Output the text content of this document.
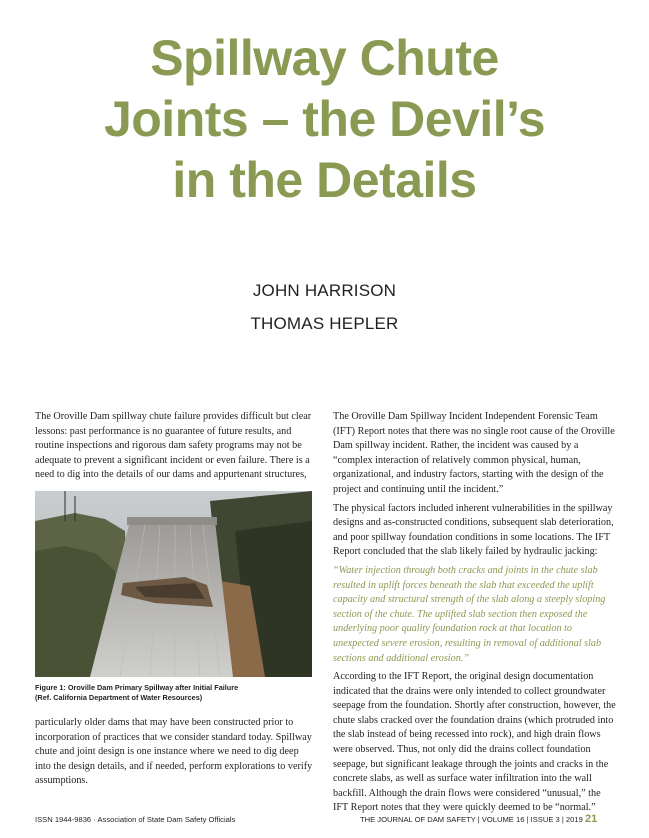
Spillway Chute
Joints – the Devil’s
in the Details
JOHN HARRISON
THOMAS HEPLER

The Oroville Dam spillway chute failure provides difficult but clear lessons: past performance is no guarantee of future results, and routine inspections and rigorous dam safety programs may not be adequate to prevent a significant incident or even failure. There is a need to dig into the details of our dams and appurtenant structures,

Figure 1: Oroville Dam Primary Spillway after Initial Failure
(Ref. California Department of Water Resources)

particularly older dams that may have been constructed prior to incorporation of practices that we consider standard today. Spillway chute and joint design is one instance where we need to dig deep into the design details, and if needed, perform explorations to verify assumptions.

The Oroville Dam Spillway Incident Independent Forensic Team (IFT) Report notes that there was no single root cause of the Oroville Dam spillway incident. Rather, the incident was caused by a “complex interaction of relatively common physical, human, organizational, and industry factors, starting with the design of the project and continuing until the incident.”

The physical factors included inherent vulnerabilities in the spillway designs and as-constructed conditions, subsequent slab deterioration, and poor spillway foundation conditions in some locations. The IFT Report concluded that the slab likely failed by hydraulic jacking:

“Water injection through both cracks and joints in the chute slab resulted in uplift forces beneath the slab that exceeded the uplift capacity and structural strength of the slab along a steeply sloping section of the chute. The uplifted slab section then exposed the underlying poor quality foundation rock at that location to unexpected severe erosion, resulting in removal of additional slab sections and additional erosion.”

According to the IFT Report, the original design documentation indicated that the drains were only intended to collect groundwater seepage from the foundation. Shortly after construction, however, the chute slabs cracked over the foundation drains (which protruded into the slab instead of being recessed into rock), and high drain flows were observed. Thus, not only did the drains collect foundation seepage, but significant leakage through the joints and cracks in the concrete slabs, as well as surface water infiltration into the wall backfill. Although the drain flows were considered “unusual,” the IFT Report notes that they were quickly deemed to be “normal.”

ISSN 1944-9836 · Association of State Dam Safety Officials	THE JOURNAL OF DAM SAFETY | VOLUME 16 | ISSUE 3 | 2019 21
